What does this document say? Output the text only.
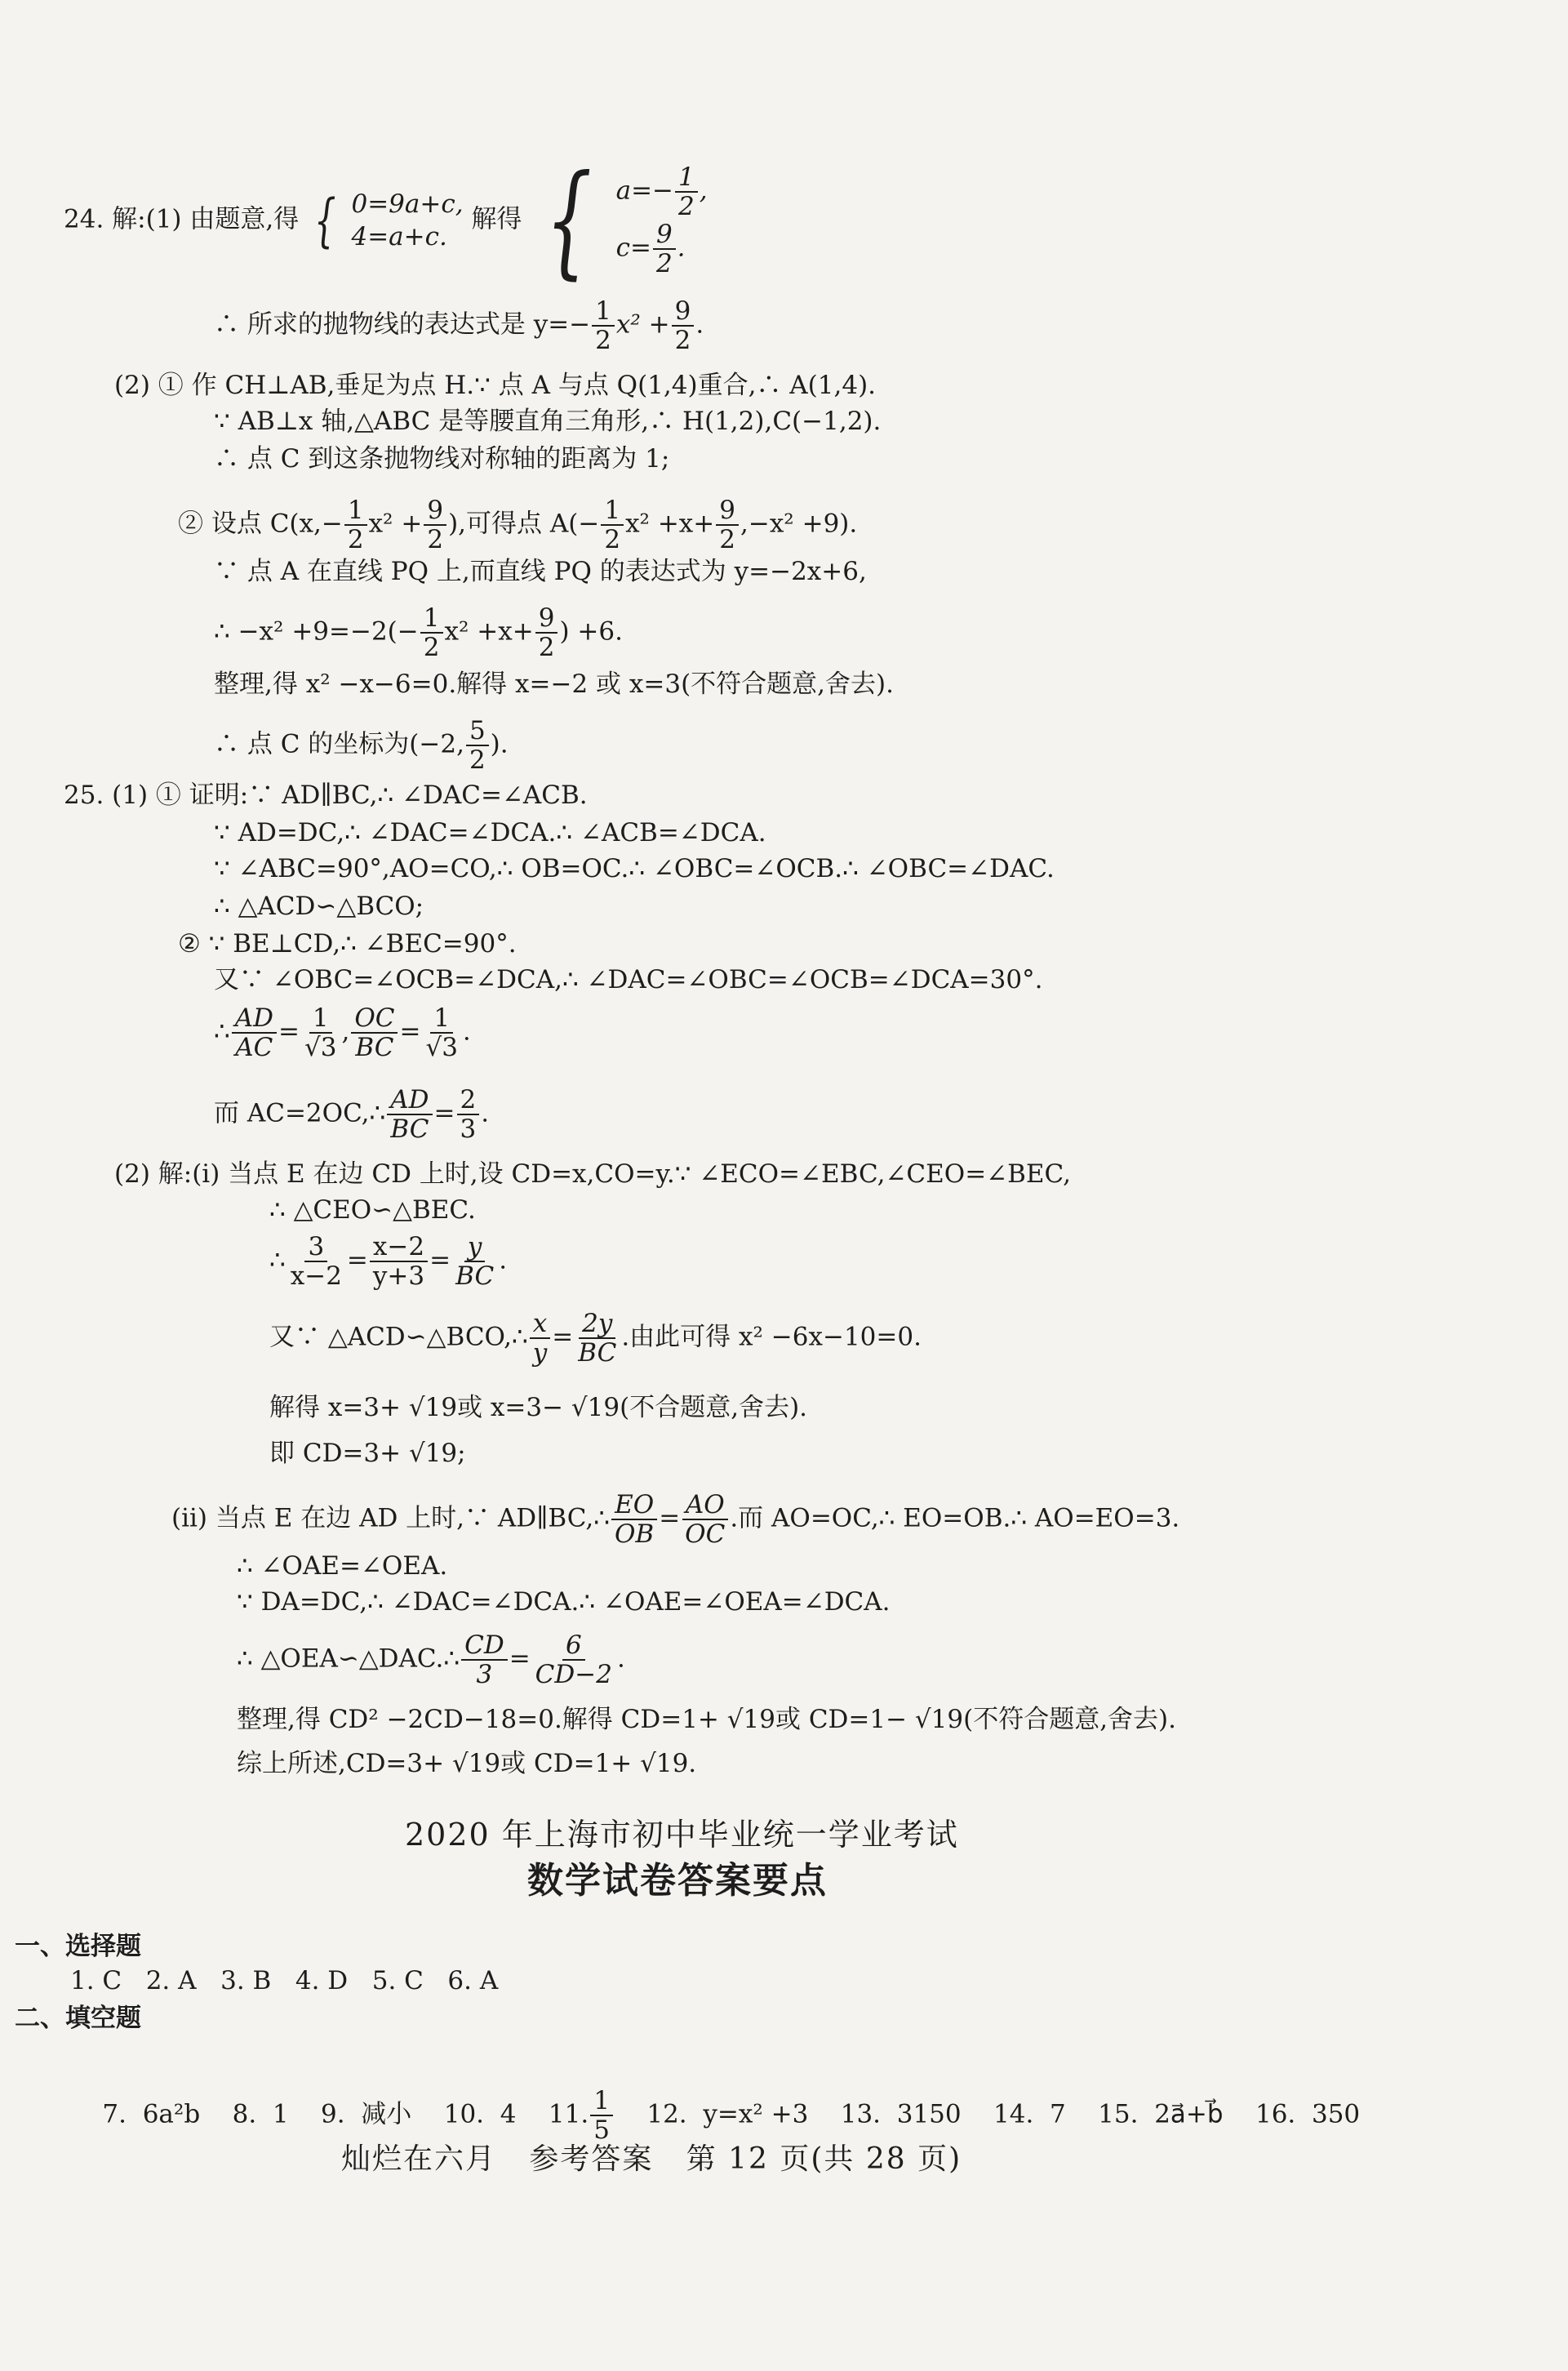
24. 解:(1) 由题意,得 { 0=9a+c,
4=a+c.
解得 { $a=- \frac{1}{2}$ ,
$c= \frac{9}{2}$ .
∴ 所求的抛物线的表达式是 $y=- \frac{1}{2} x^2 + \frac{9}{2}$ .
(2) ① 作 CH⊥AB,垂足为点 H.∵ 点 A 与点 Q(1,4)重合,∴ A(1,4).
∵ AB⊥x 轴,△ABC 是等腰直角三角形,∴ H(1,2),C(−1,2).
∴ 点 C 到这条抛物线对称轴的距离为 1;
② 设点 $C(x,- \frac{1}{2} x^2 + \frac{9}{2}$ ),可得点 $A(- \frac{1}{2} x^2 +x+ \frac{9}{2} ,-x^2 +9)$.
∵ 点 A 在直线 PQ 上,而直线 PQ 的表达式为 y=−2x+6,
∴ $-x^2 +9=-2(- \frac{1}{2} x^2 +x+ \frac{9}{2}$ ) +6.
整理,得 x² −x−6=0.解得 x=−2 或 x=3(不符合题意,舍去).
∴ 点 C 的坐标为(−2, $\frac{5}{2}$ ).
25. (1) ① 证明:∵ AD∥BC,∴ ∠DAC=∠ACB.
∵ AD=DC,∴ ∠DAC=∠DCA.∴ ∠ACB=∠DCA.
∵ ∠ABC=90°,AO=CO,∴ OB=OC.∴ ∠OBC=∠OCB.∴ ∠OBC=∠DAC.
∴ △ACD∽△BCO;
② ∵ BE⊥CD,∴ ∠BEC=90°.
又∵ ∠OBC=∠OCB=∠DCA,∴ ∠DAC=∠OBC=∠OCB=∠DCA=30°.
∴ $\frac{AD}{AC} = \frac{1}{√3}$ , $\frac{OC}{BC} = \frac{1}{√3}$ .
而 AC=2OC,∴ $\frac{AD}{BC} = \frac{2}{3}$ .
(2) 解:(i) 当点 E 在边 CD 上时,设 CD=x,CO=y.∵ ∠ECO=∠EBC,∠CEO=∠BEC,
∴ △CEO∽△BEC.
∴ $\frac{3}{x-2} = \frac{x-2}{y+3} = \frac{y}{BC}$ .
又∵ △ACD∽△BCO,∴ $\frac{x}{y} = \frac{2y}{BC}$ .由此可得 x² −6x−10=0.
解得 x=3+ √19或 x=3− √19(不合题意,舍去).
即 CD=3+ √19;
(ii) 当点 E 在边 AD 上时,∵ AD∥BC,∴ $\frac{EO}{OB} = \frac{AO}{OC}$ .而 AO=OC,∴ EO=OB.∴ AO=EO=3.
∴ ∠OAE=∠OEA.
∵ DA=DC,∴ ∠DAC=∠DCA.∴ ∠OAE=∠OEA=∠DCA.
∴ △OEA∽△DAC.∴ $\frac{CD}{3} = \frac{6}{CD-2}$ .
整理,得 CD² −2CD−18=0.解得 CD=1+ √19或 CD=1− √19(不符合题意,舍去).
综上所述,CD=3+ √19或 CD=1+ √19.
2020 年上海市初中毕业统一学业考试
数学试卷答案要点
一、选择题
1. C   2. A   3. B   4. D   5. C   6. A
二、填空题

7.  6a²b    8.  1    9.  减小    10.  4    11. $\frac{1}{5} 12$.  y=x² +3    13.  3150    14.  7    15.  2a⃗+b⃗    16.  350

灿烂在六月   参考答案   第 12 页(共 28 页)
